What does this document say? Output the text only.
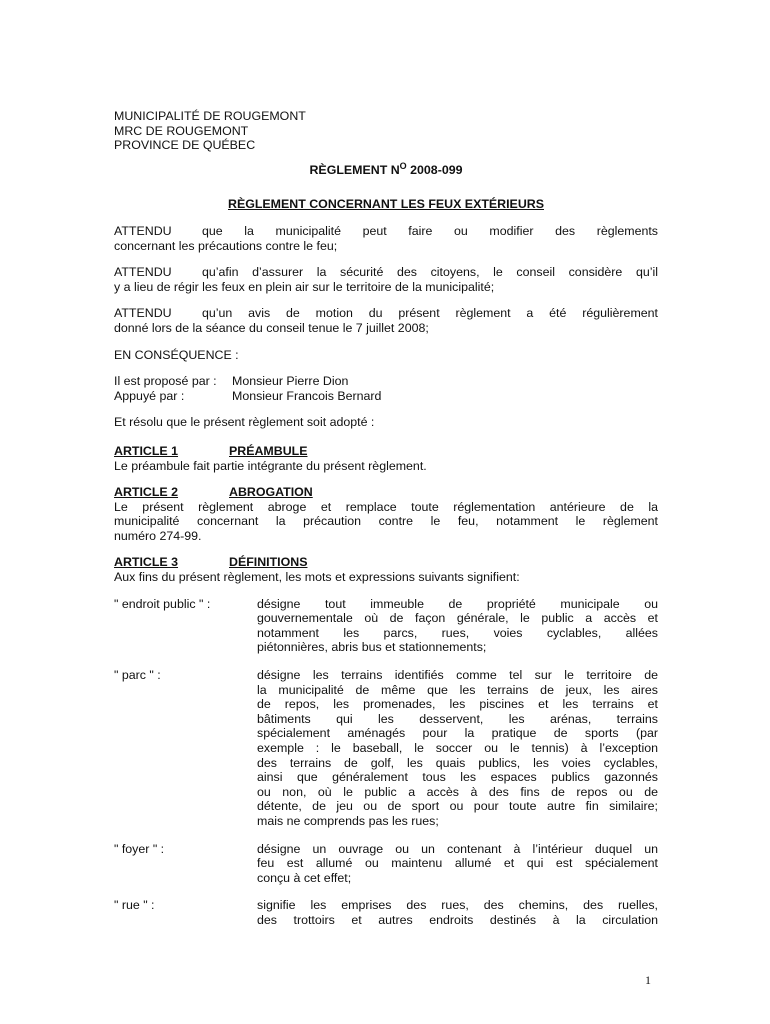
MUNICIPALITÉ DE ROUGEMONT
MRC DE ROUGEMONT
PROVINCE DE QUÉBEC
RÈGLEMENT $N^O$ 2008-099
RÈGLEMENT CONCERNANT LES FEUX EXTÉRIEURS
ATTENDU que la municipalité peut faire ou modifier des règlements
concernant les précautions contre le feu;
ATTENDU qu’afin d’assurer la sécurité des citoyens, le conseil considère qu’il
y a lieu de régir les feux en plein air sur le territoire de la municipalité;
ATTENDU qu’un avis de motion du présent règlement a été régulièrement
donné lors de la séance du conseil tenue le 7 juillet 2008;
EN CONSÉQUENCE :
Il est proposé par :	Monsieur Pierre Dion
Appuyé par :	Monsieur Francois Bernard
Et résolu que le présent règlement soit adopté :
ARTICLE 1	PRÉAMBULE
Le préambule fait partie intégrante du présent règlement.
ARTICLE 2	ABROGATION
Le présent règlement abroge et remplace toute réglementation antérieure de la
municipalité concernant la précaution contre le feu, notamment le règlement
numéro 274-99.
ARTICLE 3	DÉFINITIONS
Aux fins du présent règlement, les mots et expressions suivants signifient:
" endroit public " :	désigne tout immeuble de propriété municipale ou
gouvernementale où de façon générale, le public a accès et
notamment les parcs, rues, voies cyclables, allées
piétonnières, abris bus et stationnements;
" parc " :	désigne les terrains identifiés comme tel sur le territoire de
la municipalité de même que les terrains de jeux, les aires
de repos, les promenades, les piscines et les terrains et
bâtiments qui les desservent, les arénas, terrains
spécialement aménagés pour la pratique de sports (par
exemple : le baseball, le soccer ou le tennis) à l’exception
des terrains de golf, les quais publics, les voies cyclables,
ainsi que généralement tous les espaces publics gazonnés
ou non, où le public a accès à des fins de repos ou de
détente, de jeu ou de sport ou pour toute autre fin similaire;
mais ne comprends pas les rues;
" foyer " :	désigne un ouvrage ou un contenant à l’intérieur duquel un
feu est allumé ou maintenu allumé et qui est spécialement
conçu à cet effet;
" rue " :	signifie les emprises des rues, des chemins, des ruelles,
des trottoirs et autres endroits destinés à la circulation
1
